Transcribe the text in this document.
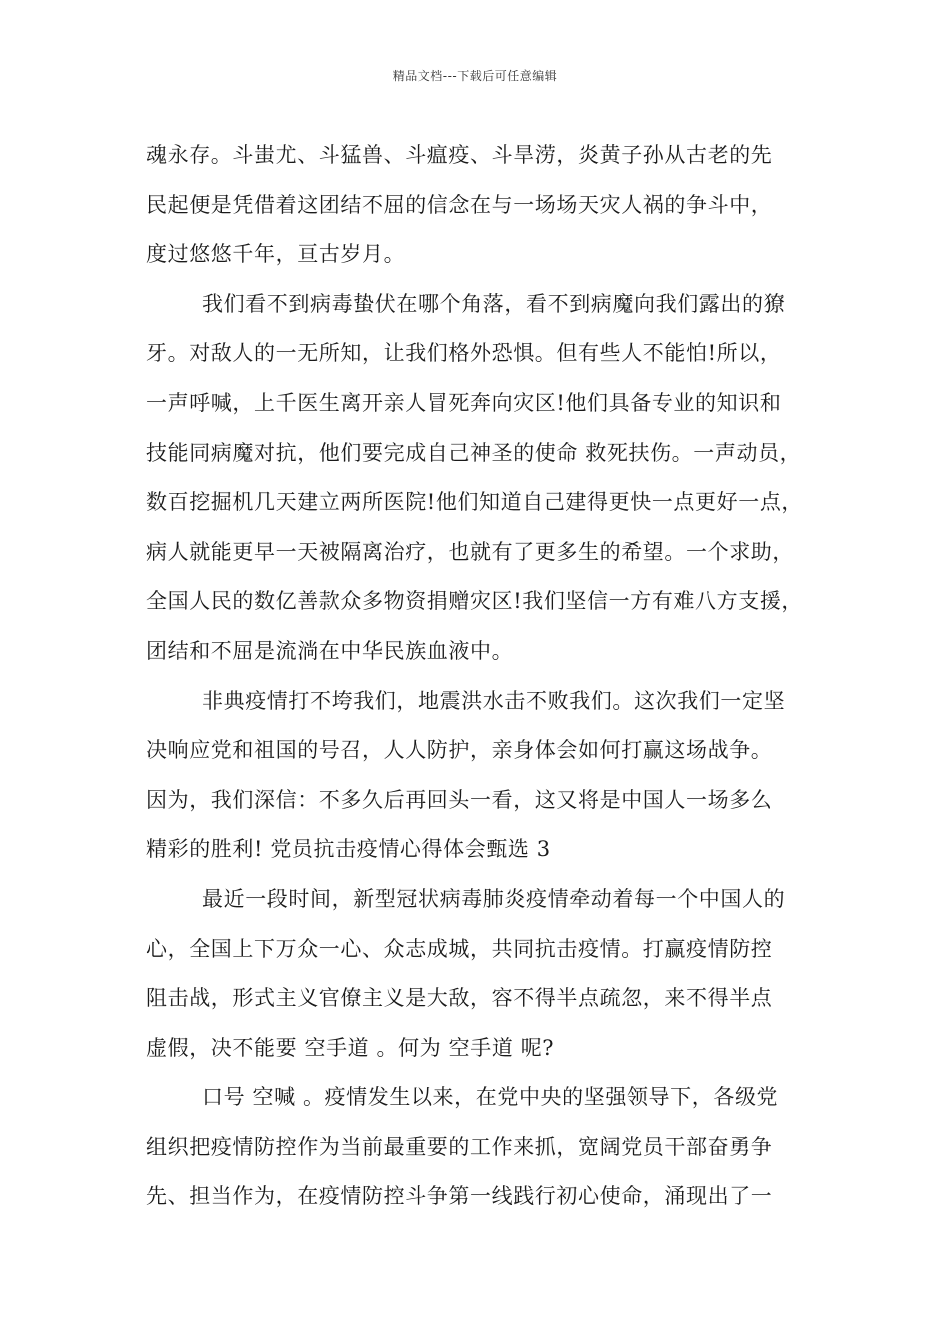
精品文档---下载后可任意编辑
魂永存。斗蚩尤、斗猛兽、斗瘟疫、斗旱涝，炎黄子孙从古老的先
民起便是凭借着这团结不屈的信念在与一场场天灾人祸的争斗中，
度过悠悠千年，亘古岁月。
我们看不到病毒蛰伏在哪个角落，看不到病魔向我们露出的獠
牙。对敌人的一无所知，让我们格外恐惧。但有些人不能怕!所以，
一声呼喊，上千医生离开亲人冒死奔向灾区!他们具备专业的知识和
技能同病魔对抗，他们要完成自己神圣的使命 救死扶伤。一声动员，
数百挖掘机几天建立两所医院!他们知道自己建得更快一点更好一点，
病人就能更早一天被隔离治疗，也就有了更多生的希望。一个求助，
全国人民的数亿善款众多物资捐赠灾区!我们坚信一方有难八方支援，
团结和不屈是流淌在中华民族血液中。
非典疫情打不垮我们，地震洪水击不败我们。这次我们一定坚
决响应党和祖国的号召，人人防护，亲身体会如何打赢这场战争。
因为，我们深信：不多久后再回头一看，这又将是中国人一场多么
精彩的胜利! 党员抗击疫情心得体会甄选 3
最近一段时间，新型冠状病毒肺炎疫情牵动着每一个中国人的
心，全国上下万众一心、众志成城，共同抗击疫情。打赢疫情防控
阻击战，形式主义官僚主义是大敌，容不得半点疏忽，来不得半点
虚假，决不能要 空手道 。何为 空手道 呢?
口号 空喊 。疫情发生以来，在党中央的坚强领导下，各级党
组织把疫情防控作为当前最重要的工作来抓，宽阔党员干部奋勇争
先、担当作为，在疫情防控斗争第一线践行初心使命，涌现出了一
